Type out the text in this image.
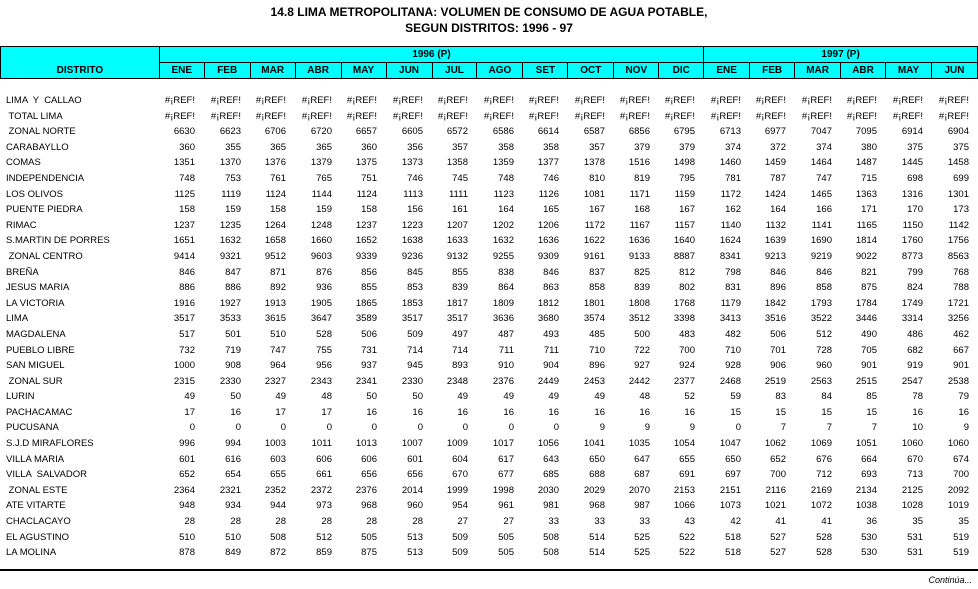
14.8 LIMA METROPOLITANA: VOLUMEN DE CONSUMO DE AGUA POTABLE,
SEGUN DISTRITOS: 1996 - 97
DISTRITO	1996 (P)												1997 (P)					
	ENE	FEB	MAR	ABR	MAY	JUN	JUL	AGO	SET	OCT	NOV	DIC	ENE	FEB	MAR	ABR	MAY	JUN
LIMA  Y  CALLAO	#¡REF! #¡REF! #¡REF! #¡REF! #¡REF! #¡REF! #¡REF! #¡REF! #¡REF! #¡REF! #¡REF! #¡REF! #¡REF! #¡REF! #¡REF! #¡REF! #¡REF! #¡REF!
TOTAL LIMA	#¡REF! #¡REF! #¡REF! #¡REF! #¡REF! #¡REF! #¡REF! #¡REF! #¡REF! #¡REF! #¡REF! #¡REF! #¡REF! #¡REF! #¡REF! #¡REF! #¡REF! #¡REF!
ZONAL NORTE	6630	6623	6706	6720	6657	6605	6572	6586	6614	6587	6856	6795	6713	6977	7047	7095	6914	6904
CARABAYLLO	360	355	365	365	360	356	357	358	358	357	379	379	374	372	374	380	375	375
COMAS	1351	1370	1376	1379	1375	1373	1358	1359	1377	1378	1516	1498	1460	1459	1464	1487	1445	1458
INDEPENDENCIA	748	753	761	765	751	746	745	748	746	810	819	795	781	787	747	715	698	699
LOS OLIVOS	1125	1119	1124	1144	1124	1113	1111	1123	1126	1081	1171	1159	1172	1424	1465	1363	1316	1301
PUENTE PIEDRA	158	159	158	159	158	156	161	164	165	167	168	167	162	164	166	171	170	173
RIMAC	1237	1235	1264	1248	1237	1223	1207	1202	1206	1172	1167	1157	1140	1132	1141	1165	1150	1142
S.MARTIN DE PORRES	1651	1632	1658	1660	1652	1638	1633	1632	1636	1622	1636	1640	1624	1639	1690	1814	1760	1756
ZONAL CENTRO	9414	9321	9512	9603	9339	9236	9132	9255	9309	9161	9133	8887	8341	9213	9219	9022	8773	8563
BREÑA	846	847	871	876	856	845	855	838	846	837	825	812	798	846	846	821	799	768
JESUS MARIA	886	886	892	936	855	853	839	864	863	858	839	802	831	896	858	875	824	788
LA VICTORIA	1916	1927	1913	1905	1865	1853	1817	1809	1812	1801	1808	1768	1179	1842	1793	1784	1749	1721
LIMA	3517	3533	3615	3647	3589	3517	3517	3636	3680	3574	3512	3398	3413	3516	3522	3446	3314	3256
MAGDALENA	517	501	510	528	506	509	497	487	493	485	500	483	482	506	512	490	486	462
PUEBLO LIBRE	732	719	747	755	731	714	714	711	711	710	722	700	710	701	728	705	682	667
SAN MIGUEL	1000	908	964	956	937	945	893	910	904	896	927	924	928	906	960	901	919	901
ZONAL SUR	2315	2330	2327	2343	2341	2330	2348	2376	2449	2453	2442	2377	2468	2519	2563	2515	2547	2538
LURIN	49	50	49	48	50	50	49	49	49	49	48	52	59	83	84	85	78	79
PACHACAMAC	17	16	17	17	16	16	16	16	16	16	16	16	15	15	15	15	16	16
PUCUSANA	0	0	0	0	0	0	0	0	0	9	9	9	0	7	7	7	10	9
S.J.D MIRAFLORES	996	994	1003	1011	1013	1007	1009	1017	1056	1041	1035	1054	1047	1062	1069	1051	1060	1060
VILLA MARIA	601	616	603	606	606	601	604	617	643	650	647	655	650	652	676	664	670	674
VILLA  SALVADOR	652	654	655	661	656	656	670	677	685	688	687	691	697	700	712	693	713	700
ZONAL ESTE	2364	2321	2352	2372	2376	2014	1999	1998	2030	2029	2070	2153	2151	2116	2169	2134	2125	2092
ATE VITARTE	948	934	944	973	968	960	954	961	981	968	987	1066	1073	1021	1072	1038	1028	1019
CHACLACAYO	28	28	28	28	28	28	27	27	33	33	33	43	42	41	41	36	35	35
EL AGUSTINO	510	510	508	512	505	513	509	505	508	514	525	522	518	527	528	530	531	519
LA MOLINA	878	849	872	859	875	513	509	505	508	514	525	522	518	527	528	530	531	519
Continúa...
